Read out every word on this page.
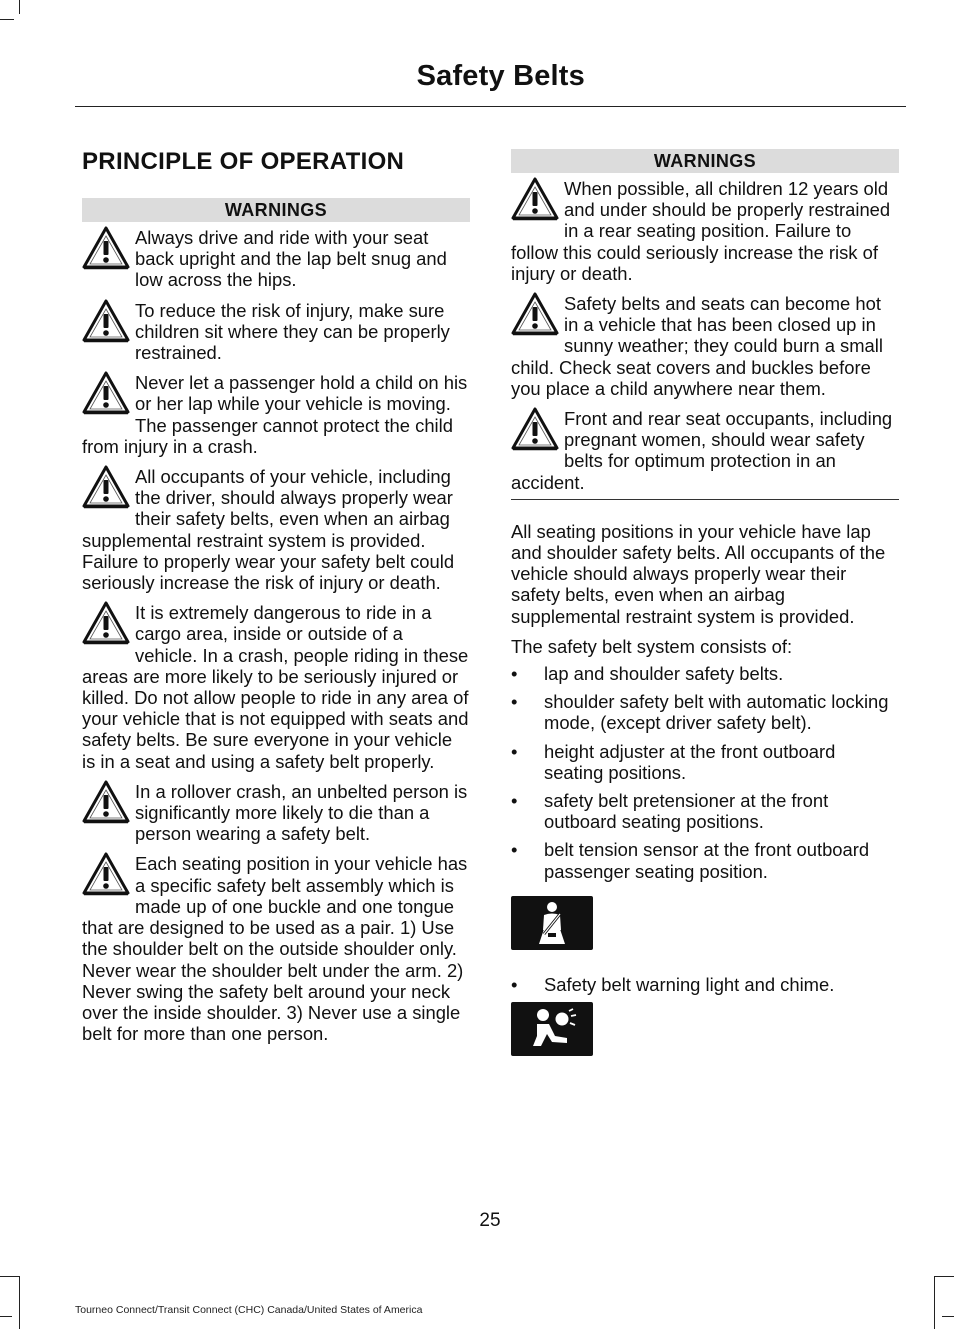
Safety Belts
PRINCIPLE OF OPERATION
WARNINGS
Always drive and ride with your seat back upright and the lap belt snug and low across the hips.
To reduce the risk of injury, make sure children sit where they can be properly restrained.
Never let a passenger hold a child on his or her lap while your vehicle is moving. The passenger cannot protect the child from injury in a crash.
All occupants of your vehicle, including the driver, should always properly wear their safety belts, even when an airbag supplemental restraint system is provided. Failure to properly wear your safety belt could seriously increase the risk of injury or death.
It is extremely dangerous to ride in a cargo area, inside or outside of a vehicle. In a crash, people riding in these areas are more likely to be seriously injured or killed. Do not allow people to ride in any area of your vehicle that is not equipped with seats and safety belts. Be sure everyone in your vehicle is in a seat and using a safety belt properly.
In a rollover crash, an unbelted person is significantly more likely to die than a person wearing a safety belt.
Each seating position in your vehicle has a specific safety belt assembly which is made up of one buckle and one tongue that are designed to be used as a pair. 1) Use the shoulder belt on the outside shoulder only. Never wear the shoulder belt under the arm. 2) Never swing the safety belt around your neck over the inside shoulder. 3) Never use a single belt for more than one person.
WARNINGS
When possible, all children 12 years old and under should be properly restrained in a rear seating position. Failure to follow this could seriously increase the risk of injury or death.
Safety belts and seats can become hot in a vehicle that has been closed up in sunny weather; they could burn a small child. Check seat covers and buckles before you place a child anywhere near them.
Front and rear seat occupants, including pregnant women, should wear safety belts for optimum protection in an accident.

All seating positions in your vehicle have lap and shoulder safety belts. All occupants of the vehicle should always properly wear their safety belts, even when an airbag supplemental restraint system is provided.

The safety belt system consists of:

• lap and shoulder safety belts.
• shoulder safety belt with automatic locking mode, (except driver safety belt).
• height adjuster at the front outboard seating positions.
• safety belt pretensioner at the front outboard seating positions.
• belt tension sensor at the front outboard passenger seating position.
• Safety belt warning light and chime.
25
Tourneo Connect/Transit Connect (CHC) Canada/United States of America
